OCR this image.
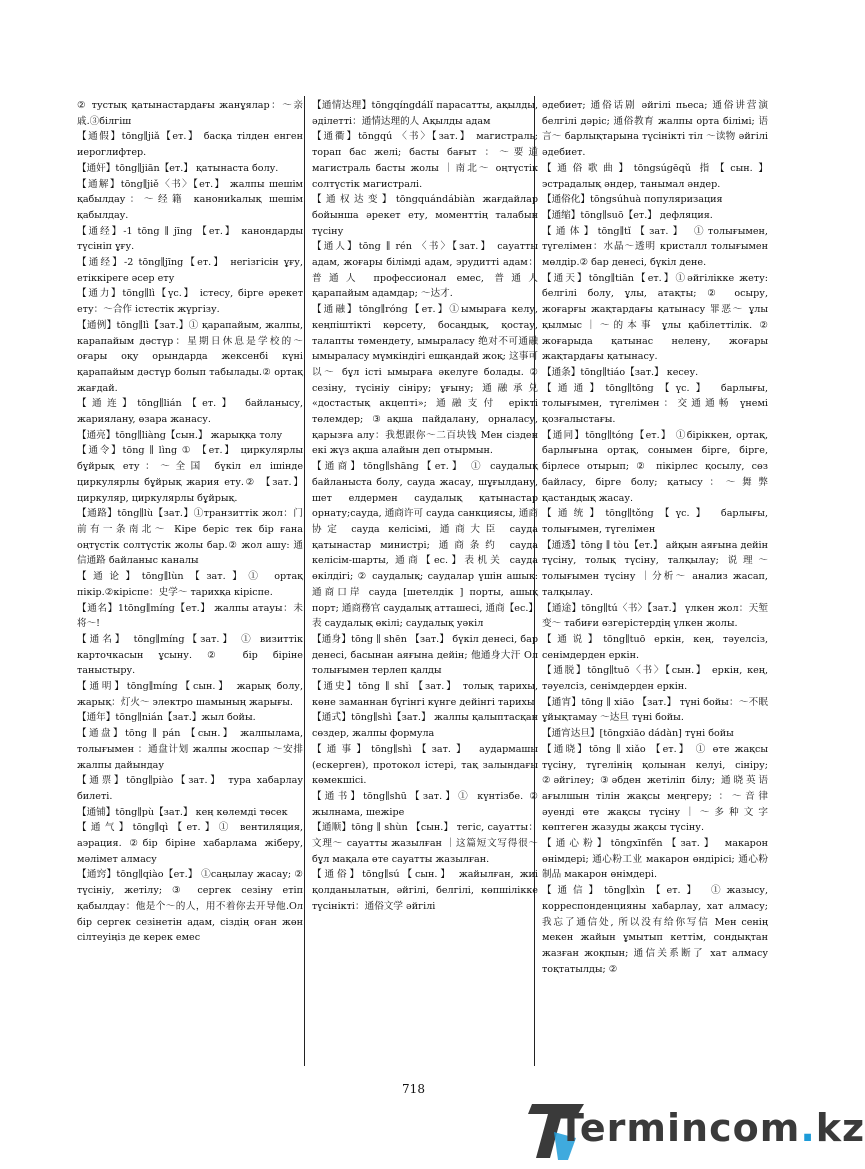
② тустық қатынастардағы жанұялар：～亲戚.③білгіш

【通假】tōng∥jiǎ【ет.】 басқа тілден енген иероглифтер.

【通奸】tōng∥jiān【ет.】 қатынаста болу.

【通解】tōng∥jiě〈书〉【ет.】 жалпы шешім қабылдау：～经籍 канониkалық шешім қабылдау.

【通经】-1 tōng ∥ jīng 【ет.】 канондарды түсініп ұғу.

【通经】-2 tōng∥jīng【ет.】 негізгісін ұғу, етіккіреге әсер ету

【通力】tōng∥lì【үс.】 істесу, бірге әрекет ету：～合作 істестік жүргізу.

【通例】tōng∥lì【зат.】① қарапайым, жалпы, карапайым дәстүр：星期日休息是学校的～ оғары оқу орындарда жексенбі күні қарапайым дәстүр болып табылады.② ортақ жағдай.

【通连】tōng∥lián【ет.】 байланысу, жарияланy, өзара жанасу.

【通亮】tōng∥liàng【сын.】 жарыққа толу

【通令】tōng ∥ lìng ① 【ет.】 циркулярлы бұйрық ету：～全国 бүкіл ел ішінде циркулярлы бұйрық жария ету.② 【зат.】 циркуляр, циркулярлы бұйрық.

【通路】tōng∥lù【зат.】①транзиттік жол：门前有一条南北～ Кіре беріс тек бір ғана оңтүстік солтүстік жолы бар.② жол ашу: 通信通路 байланыс каналы

【通论】tōng∥lùn【зат.】① ортақ пікір.②кіріспе：史学～ тарихқа кіріспе.

【通名】1tōng∥míng【ет.】 жалпы атауы：未将～!

【通名】 tōng∥míng【зат.】 ① визиттік карточкасын ұсыну. ② бір біріне таныстыру.

【通明】tōng∥míng【сын.】 жарық болу, жарық：灯火～ электро шамының жарығы.

【通年】tōng∥nián【зат.】жыл бойы.

【通盘】tōng ∥ pán 【сын.】 жалпылама, толығымен ：通盘计划 жалпы жоспар ～安排 жалпы дайындау

【通票】tōng∥piào【зат.】 тура хабарлау билеті.

【通铺】tōng∥pù【зат.】 кең көлемді төсек

【通气】tōng∥qì【ет.】① вентиляция, аэрация. ②бір біріне хабарлама жіберу, мәлімет алмасу

【通窍】tōng∥qiào【ет.】 ①саңылау жасау; ② түсініу, жетілу; ③ сергек сезіну етіп қабылдау：他是个～的人，用不着你去开导他.Ол бір сергек сезінетін адам, сіздің оған жөн сілтеуіңіз де керек емес

【通情达理】tōngqíngdálǐ парасатты, ақылды, әділетті：通情达理的人 Ақылды адам

【通衢】tōngqú 〈书〉【зат.】 магистраль; торап бас желі; басты бағыт ：～要道 магистраль басты жолы ｜南北～ оңтүстік солтүстік магистралі.

【通权达变】tōngquándábiàn жағдайлар бойынша әрекет ету, моменттің талабын түсіну

【通人】tōng ∥ rén 〈书〉【зат.】 сауатты адам, жоғары білімді адам, эрудитті адам：普通人 профессионал емес, 普通人 қарапайым адамдар; ～达才.

【通融】tōng∥róng【ет.】①ымыраға келу, кеңпіштікті көрсету, босаңдық, қостау, талапты төмендету, ымыраласу 绝对不可通融 ымыраласу мүмкіндігі ешқандай жоқ; 这事可以～ бұл істі ымыраға әкелуге болады. ② сезіну, түсініу сініру; ұғыну; 通融承兑 «достастық акцептi»; 通融支付 еріктi төлемдер; ③ақша пайдалану, орналасу, қарызға алу：我想跟你～二百块钱 Мен сізден екі жүз ақша алайын деп отырмын.

【通商】tōng∥shāng【ет.】 ① саудалық байланыста болу, сауда жасау, шұғылдану, шет елдермен саудалық қатынастар орнату;сауда, 通商许可 сауда санкциясы, 通商协定 сауда келісімі, 通商大臣 сауда қатынастар министрі; 通商条约 сауда келісім-шарты, 通商【ес.】表机关 сауда өкілдігі; ② саудалық; саудалар үшін ашық: 通商口岸 сауда [шетелдік ] порты, ашық порт; 通商務官 саудалық атташесі, 通商【ес.】表 саудалық өкілі; саудалық уәкіл

【通身】tōng ∥ shēn 【зат.】 бүкіл денесі, бар денесі, басынан аяғына дейін; 他通身大汗 Ол толығымен терлеп қалды

【通史】tōng ∥ shǐ 【зат.】 толық тарихы, көне заманнан бүгінгі күнге дейінгі тарихы

【通式】tōng∥shì【зат.】 жалпы қалыптасқан сөздер, жалпы формула

【通事】tōng∥shì【зат.】 аудармашы (ескерген), протокол істері, тақ залындағы көмекшісі.

【通书】tōng∥shū【зат.】① күнтізбе. ② жылнама, шежіре

【通顺】tōng ∥ shùn 【сын.】 тегіс, сауатты：文理～ сауатты жазылған ｜这篇短文写得很～ бұл мақала өте сауатты жазылған.

【通俗】tōng∥sú【сын.】 жайылған, жиі қолданылатын, әйгілі, белгілі, көпшілікке түсінікті：通俗文学 әйгілі

әдебиет; 通俗话剧 әйгілі пьеса; 通俗讲营演 белгілі дәріс; 通俗教育 жалпы орта білімі; 语言～ барлықтарына түсінікті тіл ～读物 әйгілі әдебиет.

【通俗歌曲】tōngsúgēqǔ 指【сын.】 эстрадалық әндер, танымал әндер.

【通俗化】tōngsúhuà популяризация

【通缩】tōng∥suō【ет.】 дефляция.

【通体】tōng∥tǐ【зат.】 ①толығымен, түгелімен：水晶～透明 кристалл толығымен мөлдір.② бар денесі, бүкіл дене.

【通天】tōng∥tiān【ет.】①әйгілікке жету: белгілі болу, ұлы, атақты; ② осыру, жоғарғы жақтардағы қатынасу 罪恶～ ұлы қылмыс｜～的本事 ұлы қабілеттілік. ② жоғарыда қатынас нелену, жоғары жақтардағы қатынасу.

【通条】tōng∥tiáo【зат.】 кесеу.

【通通】tōng∥tōng【үс.】 барлығы, толығымен, түгелімен：交通通畅 үнемі қозғалыстағы.

【通同】tōng∥tóng【ет.】 ①біріккен, ортақ, барлығына ортақ, сонымен бірге, бірге, бірлесе отырып; ② пікірлес қосылу, сөз байласу, бірге болу; қатысу：～舞弊 қастандық жасау.

【通统】tōng∥tǒng【үс.】 барлығы, толығымен, түгелімен

【通透】tōng ∥ tòu【ет.】 айқын аяғына дейін түсіну, толық түсіну, талқылау; 说理～толығымен түсіну ｜分析～ анализ жасап, талқылау.

【通途】tōng∥tú〈书〉【зат.】 үлкен жол：天堑变～ табиғи өзгерістердің үлкен жолы.

【通说】tōng∥tuō еркін, кең, тәуелсіз, сенімдерден еркін.

【通脱】tōng∥tuō〈书〉【сын.】 еркін, кең, тәуелсіз, сенімдерден еркін.

【通宵】tōng ∥ xiāo 【зат.】 түні бойы：～不眠 ұйықтамау ～达旦 түні бойы.

【通宵达旦】[tōngxiāo dádàn] түні бойы

【通晓】tōng ∥ xiǎo 【ет.】 ① өте жақсы түсіну, түгелінің қолынан келуі, сініру; ②әйгілеу; ③әбден жетіліп білу; 通晓英语 ағылшын тілін жақсы меңгеру; ：～音律 әуенді өте жақсы түсіну｜～多种文字 көптеген жазуды жақсы түсіну.

【通心粉】tōngxīnfěn【зат.】 макарон өнімдері; 通心粉工业 макарон өндірісі; 通心粉制品 макарон өнімдері.

【通信】tōng∥xìn【ет.】 ①жазысу, корреспонденцияны хабарлау, хат алмасу; 我忘了通信处, 所以没有给你写信 Мен сенің мекен жайын ұмытып кеттім, сондықтан жазған жоқпын; 通信关系断了 хат алмасу тоқтатылды; ②

718
Termincom.kz
